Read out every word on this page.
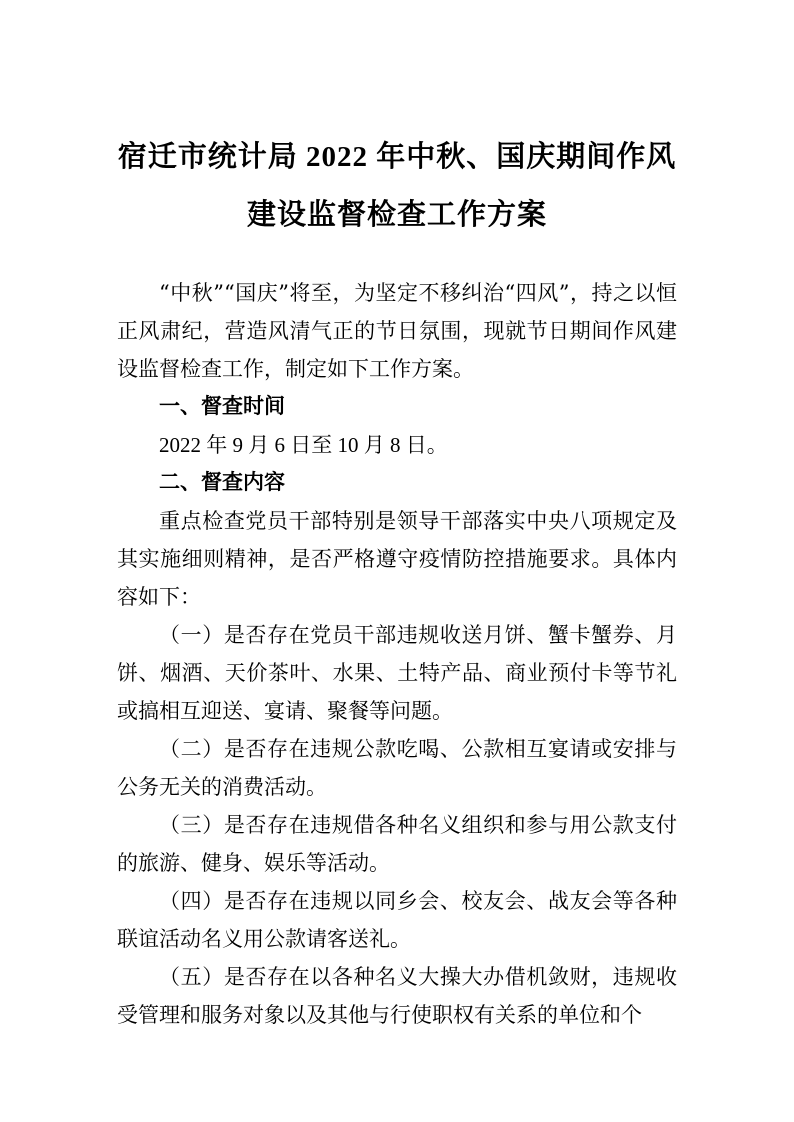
宿迁市统计局 2022 年中秋、国庆期间作风
建设监督检查工作方案

“中秋”“国庆”将至，为坚定不移纠治“四风”，持之以恒正风肃纪，营造风清气正的节日氛围，现就节日期间作风建设监督检查工作，制定如下工作方案。

一、督查时间

2022 年 9 月 6 日至 10 月 8 日。

二、督查内容

重点检查党员干部特别是领导干部落实中央八项规定及其实施细则精神，是否严格遵守疫情防控措施要求。具体内容如下：

（一）是否存在党员干部违规收送月饼、蟹卡蟹券、月饼、烟酒、天价茶叶、水果、土特产品、商业预付卡等节礼或搞相互迎送、宴请、聚餐等问题。

（二）是否存在违规公款吃喝、公款相互宴请或安排与公务无关的消费活动。

（三）是否存在违规借各种名义组织和参与用公款支付的旅游、健身、娱乐等活动。

（四）是否存在违规以同乡会、校友会、战友会等各种联谊活动名义用公款请客送礼。

（五）是否存在以各种名义大操大办借机敛财，违规收受管理和服务对象以及其他与行使职权有关系的单位和个
